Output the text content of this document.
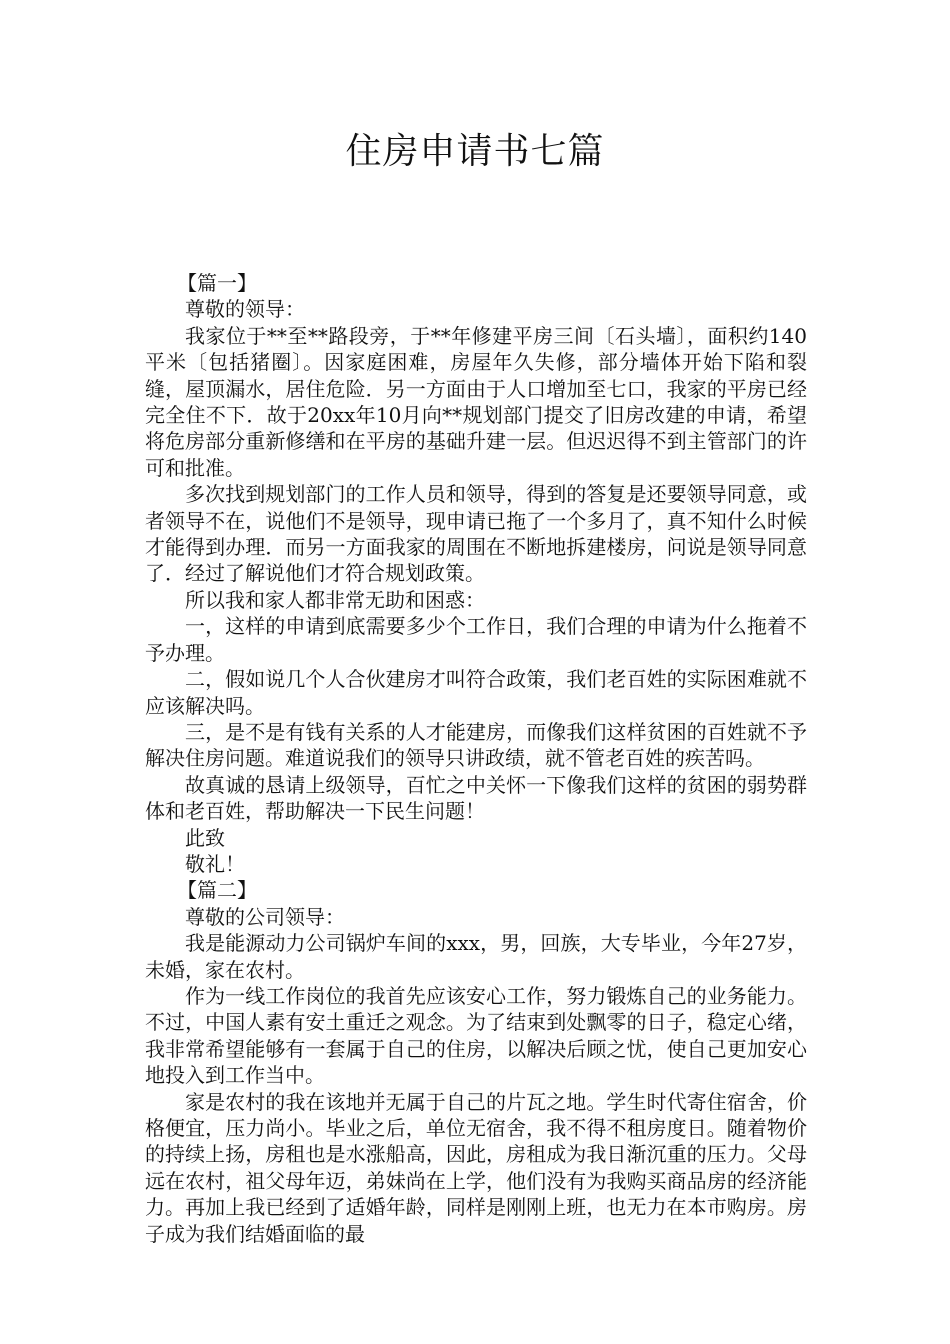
住房申请书七篇

【篇一】

尊敬的领导：

我家位于**至**路段旁，于**年修建平房三间〔石头墙〕，面积约140平米〔包括猪圈〕。因家庭困难，房屋年久失修，部分墙体开始下陷和裂缝，屋顶漏水，居住危险．另一方面由于人口增加至七口，我家的平房已经完全住不下．故于20xx年10月向**规划部门提交了旧房改建的申请，希望将危房部分重新修缮和在平房的基础升建一层。但迟迟得不到主管部门的许可和批准。

多次找到规划部门的工作人员和领导，得到的答复是还要领导同意，或者领导不在，说他们不是领导，现申请已拖了一个多月了，真不知什么时候才能得到办理．而另一方面我家的周围在不断地拆建楼房，问说是领导同意了．经过了解说他们才符合规划政策。

所以我和家人都非常无助和困惑：

一，这样的申请到底需要多少个工作日，我们合理的申请为什么拖着不予办理。

二，假如说几个人合伙建房才叫符合政策，我们老百姓的实际困难就不应该解决吗。

三，是不是有钱有关系的人才能建房，而像我们这样贫困的百姓就不予解决住房问题。难道说我们的领导只讲政绩，就不管老百姓的疾苦吗。

故真诚的恳请上级领导，百忙之中关怀一下像我们这样的贫困的弱势群体和老百姓，帮助解决一下民生问题！

此致

敬礼！

【篇二】

尊敬的公司领导：

我是能源动力公司锅炉车间的xxx，男，回族，大专毕业，今年27岁，未婚，家在农村。

作为一线工作岗位的我首先应该安心工作，努力锻炼自己的业务能力。不过，中国人素有安土重迁之观念。为了结束到处飘零的日子，稳定心绪，我非常希望能够有一套属于自己的住房，以解决后顾之忧，使自己更加安心地投入到工作当中。

家是农村的我在该地并无属于自己的片瓦之地。学生时代寄住宿舍，价格便宜，压力尚小。毕业之后，单位无宿舍，我不得不租房度日。随着物价的持续上扬，房租也是水涨船高，因此，房租成为我日渐沉重的压力。父母远在农村，祖父母年迈，弟妹尚在上学，他们没有为我购买商品房的经济能力。再加上我已经到了适婚年龄，同样是刚刚上班，也无力在本市购房。房子成为我们结婚面临的最
